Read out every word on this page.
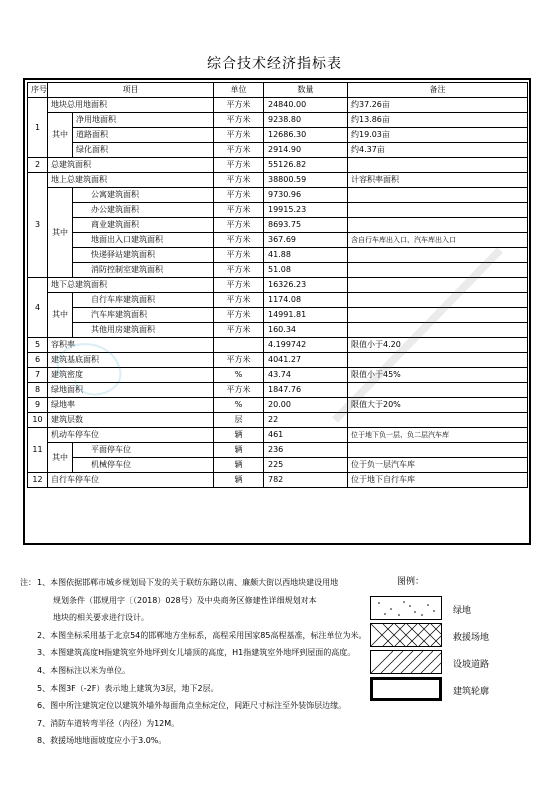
综合技术经济指标表
序号	项目		单位	数量	备注
1	地块总用地面积		平方米	24840.00	约37.26亩
	其中	净用地面积	平方米	9238.80	约13.86亩
		道路面积	平方米	12686.30	约19.03亩
		绿化面积	平方米	2914.90	约4.37亩
2	总建筑面积		平方米	55126.82	
3	地上总建筑面积		平方米	38800.59	计容积率面积
	其中	公寓建筑面积	平方米	9730.96	
		办公建筑面积	平方米	19915.23	
		商业建筑面积	平方米	8693.75	
		地面出入口建筑面积	平方米	367.69	含自行车库出入口、汽车库出入口
		快递驿站建筑面积	平方米	41.88	
		消防控制室建筑面积	平方米	51.08	
4	地下总建筑面积		平方米	16326.23	
	其中	自行车库建筑面积	平方米	1174.08	
		汽车库建筑面积	平方米	14991.81	
		其他用房建筑面积	平方米	160.34	
5	容积率			4.199742	限值小于4.20
6	建筑基底面积		平方米	4041.27	
7	建筑密度		%	43.74	限值小于45%
8	绿地面积		平方米	1847.76	
9	绿地率		%	20.00	限值大于20%
10	建筑层数		层	22	
11	机动车停车位		辆	461	位于地下负一层、负二层汽车库
	其中	平面停车位	辆	236	
		机械停车位	辆	225	位于负一层汽车库
12	自行车停车位		辆	782	位于地下自行车库
注： 1、本图依据邯郸市城乡规划局下发的关于联纺东路以南、廉颇大街以西地块建设用地
规划条件（邯规用字〔（2018）028号）及中央商务区修建性详细规划对本
地块的相关要求进行设计。
2、本图坐标采用基于北京54的邯郸地方坐标系，高程采用国家85高程基准，标注单位为米。
3、本图建筑高度H指建筑室外地坪到女儿墙顶的高度，H1指建筑室外地坪到屋面的高度。
4、本图标注以米为单位。
5、本图3F（-2F）表示地上建筑为3层，地下2层。
6、图中所注建筑定位以建筑外墙外每面角点坐标定位，间距尺寸标注至外装饰层边缘。
7、消防车道转弯半径（内径）为12M。
8、救援场地地面坡度应小于3.0%。
图例：
绿地
救援场地
设坡道路
建筑轮廓
